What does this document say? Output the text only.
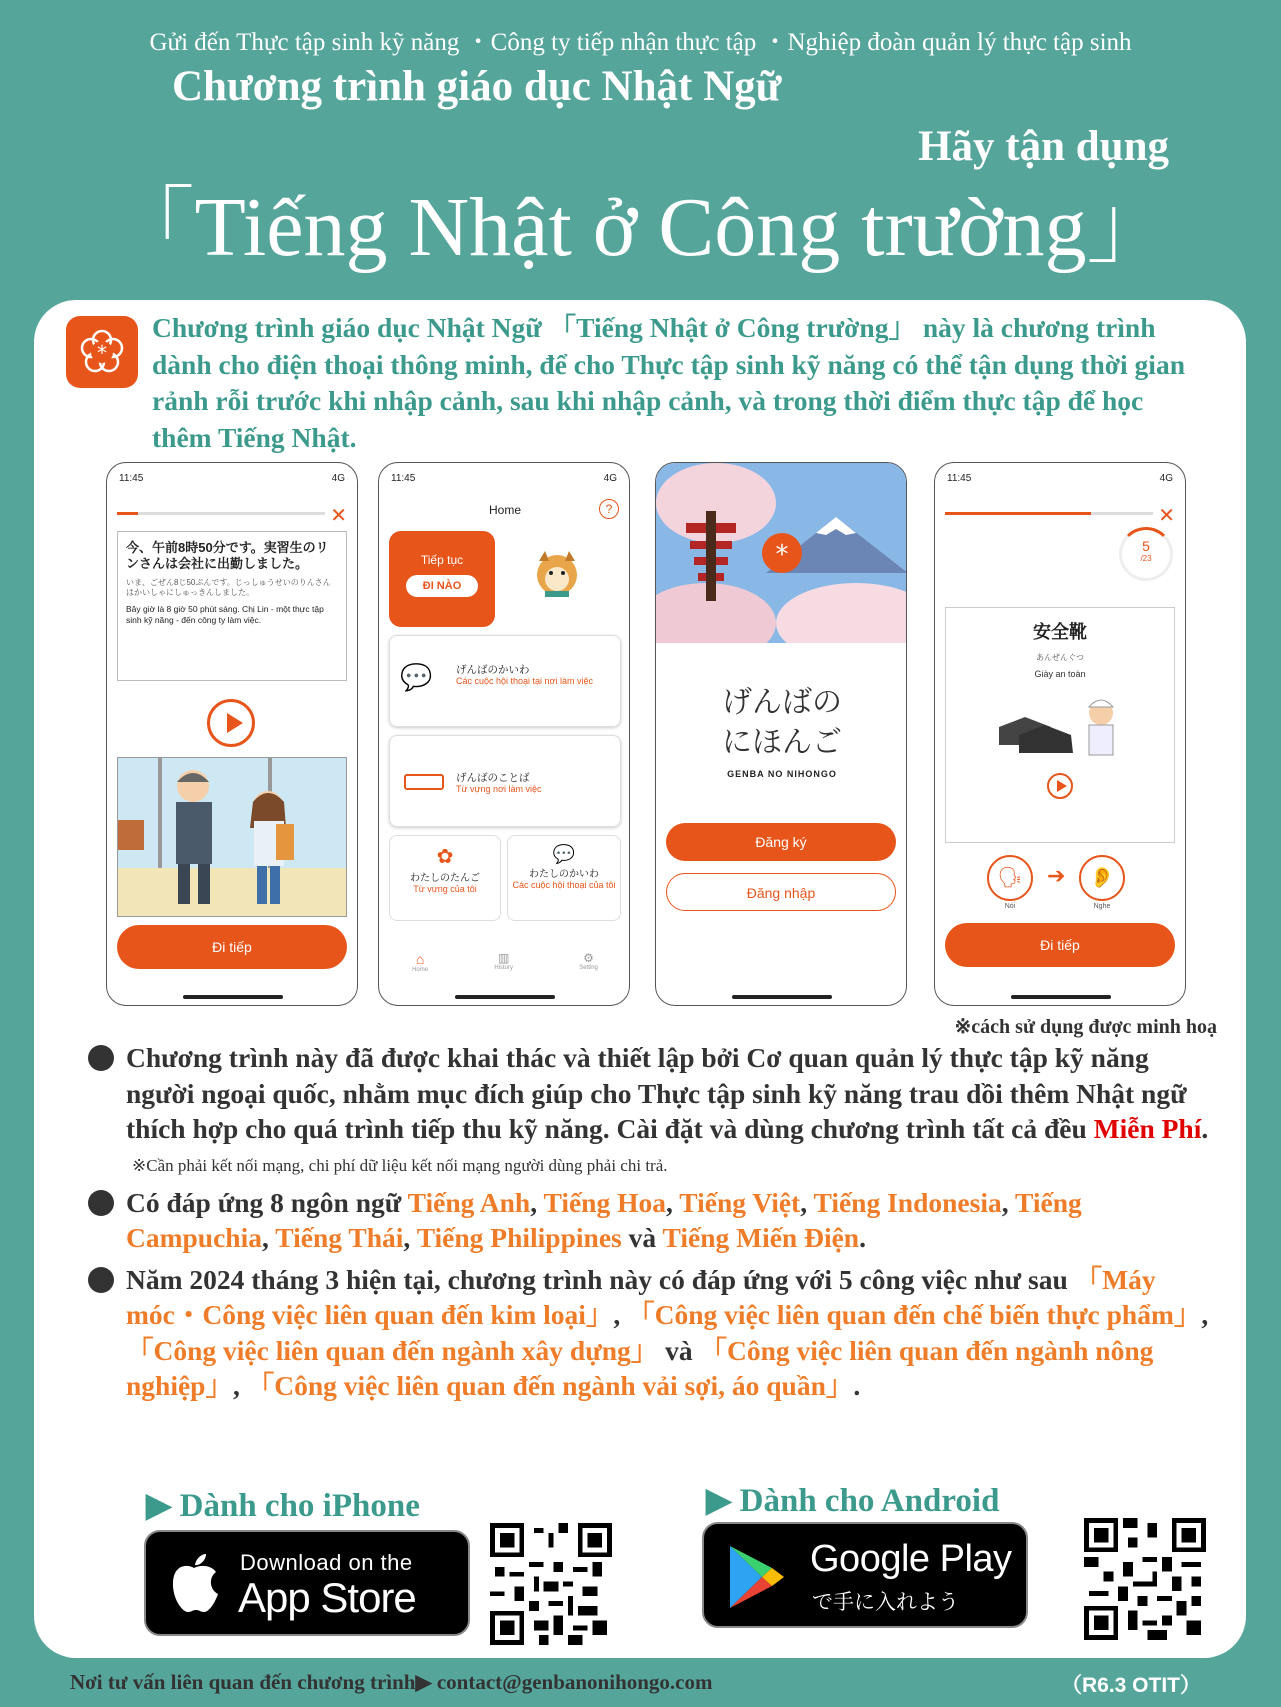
Gửi đến Thực tập sinh kỹ năng ・Công ty tiếp nhận thực tập ・Nghiệp đoàn quản lý thực tập sinh
Chương trình giáo dục Nhật Ngữ
Hãy tận dụng
「Tiếng Nhật ở Công trường」
*
Chương trình giáo dục Nhật Ngữ 「Tiếng Nhật ở Công trường」 này là chương trình dành cho điện thoại thông minh, để cho Thực tập sinh kỹ năng có thể tận dụng thời gian rảnh rỗi trước khi nhập cảnh, sau khi nhập cảnh, và trong thời điểm thực tập để học thêm Tiếng Nhật.
11:45	4G
✕
今、午前8時50分です。実習生のリンさんは会社に出勤しました。
いま、ごぜん8じ50ぷんです。じっしゅうせいのりんさんはかいしゃにしゅっきんしました。
Bây giờ là 8 giờ 50 phút sáng. Chị Lin - một thực tập sinh kỹ năng - đến công ty làm việc.
Đi tiếp
11:45	4G
Home	?
Tiếp tục
ĐI NÀO
💬 げんばのかいわ
Các cuộc hội thoại tại nơi làm việc
げんばのことば
Từ vựng nơi làm việc
✿
わたしのたんご
Từ vựng của tôi
💬
わたしのかいわ
Các cuộc hội thoại của tôi
⌂
Home
▥
History
⚙
Setting
*
げんばの
にほんご
GENBA NO NIHONGO
Đăng ký
Đăng nhập
11:45	4G
✕
5
/23
安全靴
あんぜんぐつ
Giày an toàn
🗣	➔	👂
Nói	Nghe
Đi tiếp
※cách sử dụng được minh hoạ
Chương trình này đã được khai thác và thiết lập bởi Cơ quan quản lý thực tập kỹ năng người ngoại quốc, nhằm mục đích giúp cho Thực tập sinh kỹ năng trau dồi thêm Nhật ngữ thích hợp cho quá trình tiếp thu kỹ năng. Cài đặt và dùng chương trình tất cả đều Miễn Phí.
※Cần phải kết nối mạng, chi phí dữ liệu kết nối mạng người dùng phải chi trả.
Có đáp ứng 8 ngôn ngữ Tiếng Anh, Tiếng Hoa, Tiếng Việt, Tiếng Indonesia, Tiếng Campuchia, Tiếng Thái, Tiếng Philippines và Tiếng Miến Điện.
Năm 2024 tháng 3 hiện tại, chương trình này có đáp ứng với 5 công việc như sau 「Máy móc・Công việc liên quan đến kim loại」, 「Công việc liên quan đến chế biến thực phẩm」, 「Công việc liên quan đến ngành xây dựng」 và 「Công việc liên quan đến ngành nông nghiệp」, 「Công việc liên quan đến ngành vải sợi, áo quần」.
▶ Dành cho iPhone	▶ Dành cho Android
Download on the
App Store
Google Play
で手に入れよう
Nơi tư vấn liên quan đến chương trình▶ contact@genbanonihongo.com	（R6.3 OTIT）
